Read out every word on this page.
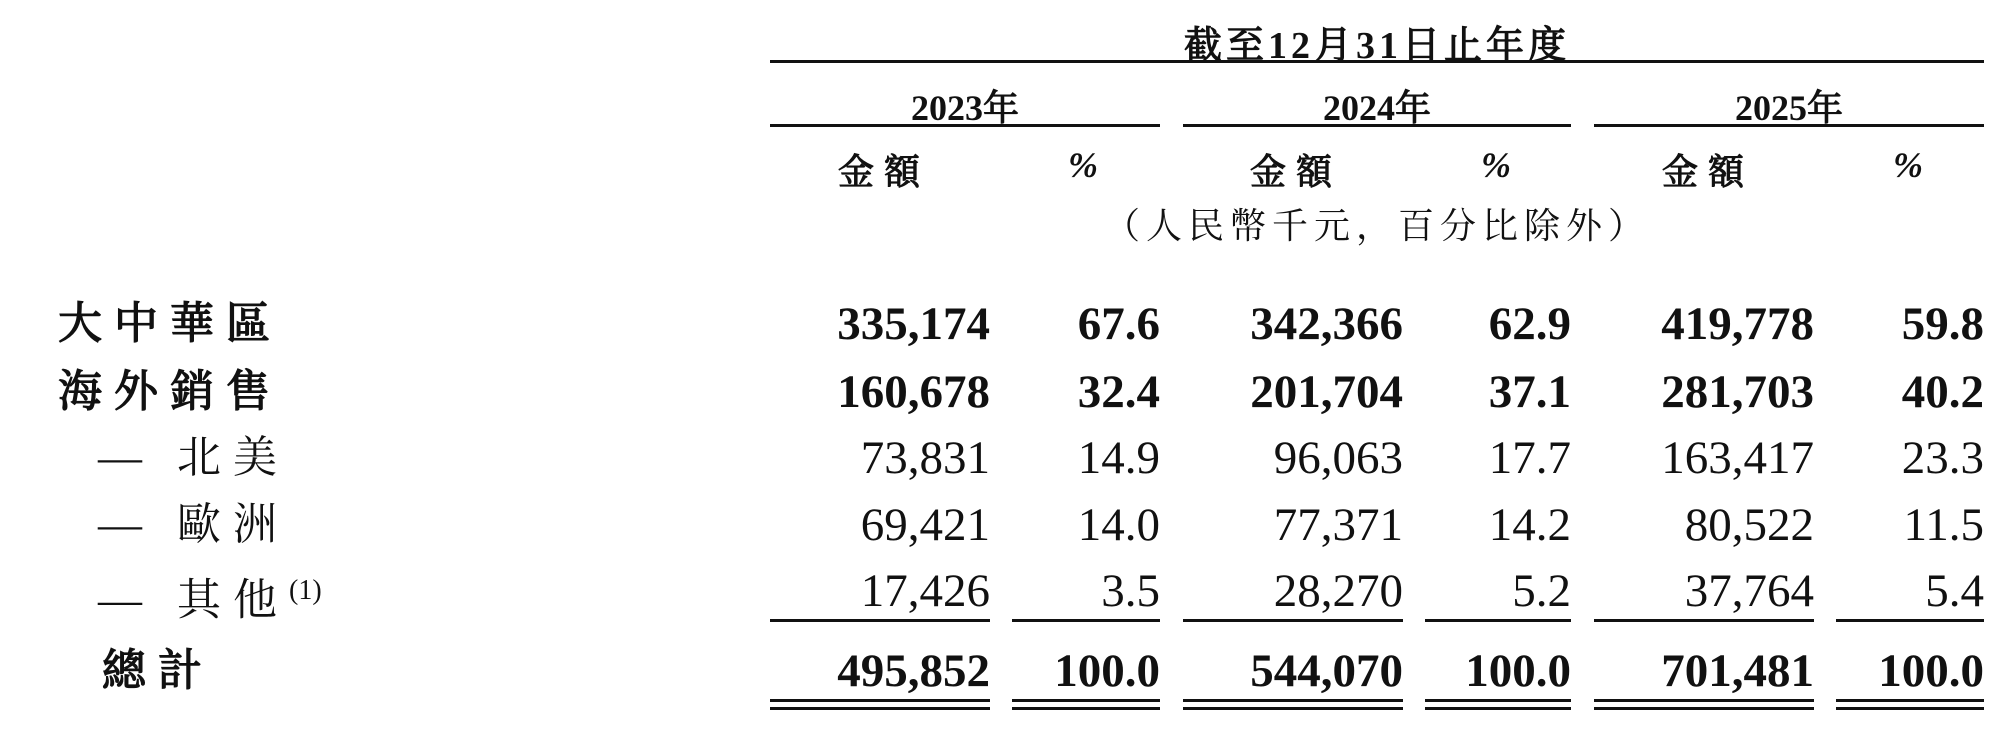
截至12月31日止年度
2023年	2024年	2025年
金額	%	金額	%	金額	%
（人民幣千元，百分比除外）
大中華區	335,174	67.6	342,366	62.9	419,778	59.8
海外銷售	160,678	32.4	201,704	37.1	281,703	40.2
— 北美	73,831	14.9	96,063	17.7	163,417	23.3
— 歐洲	69,421	14.0	77,371	14.2	80,522	11.5
— 其他$^{(1)}$	17,426	3.5	28,270	5.2	37,764	5.4
總計	495,852	100.0	544,070	100.0	701,481	100.0
